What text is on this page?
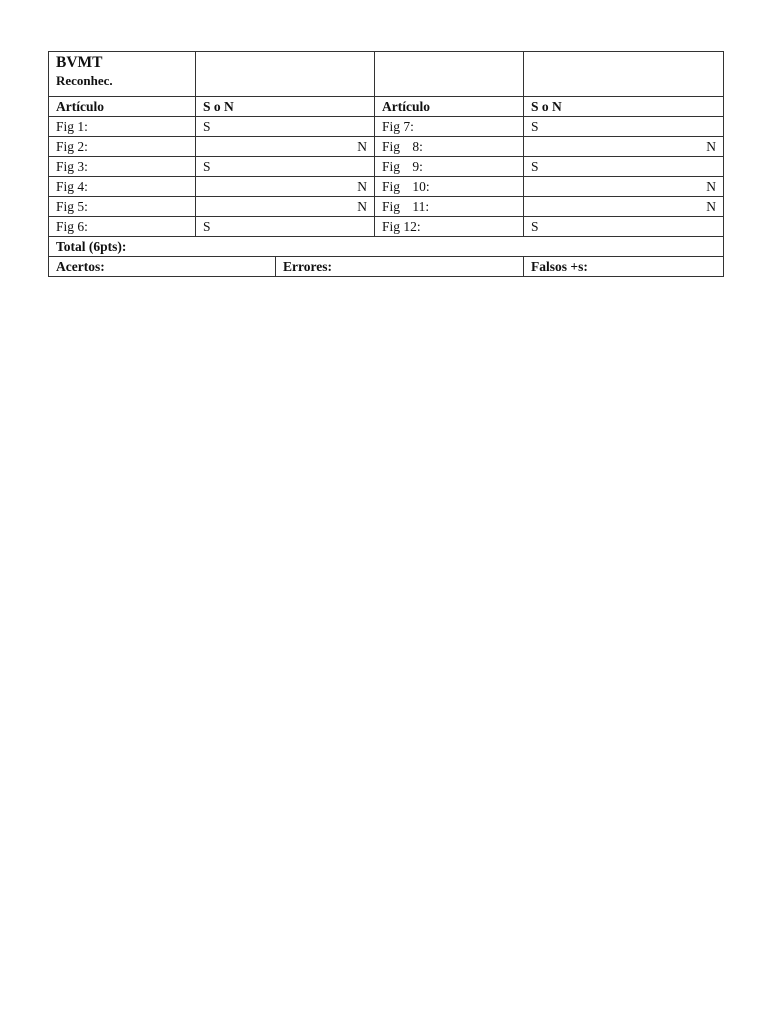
BVMT
Reconhec.				

Artículo	S o N		Artículo	S o N
Fig 1:	S		Fig 7:	S
Fig 2:	N		Fig 8:	N
Fig 3:	S		Fig 9:	S
Fig 4:	N		Fig 10:	N
Fig 5:	N		Fig 11:	N
Fig 6:	S		Fig 12:	S
Total (6pts):				
Acertos:		Errores:		Falsos +s:
